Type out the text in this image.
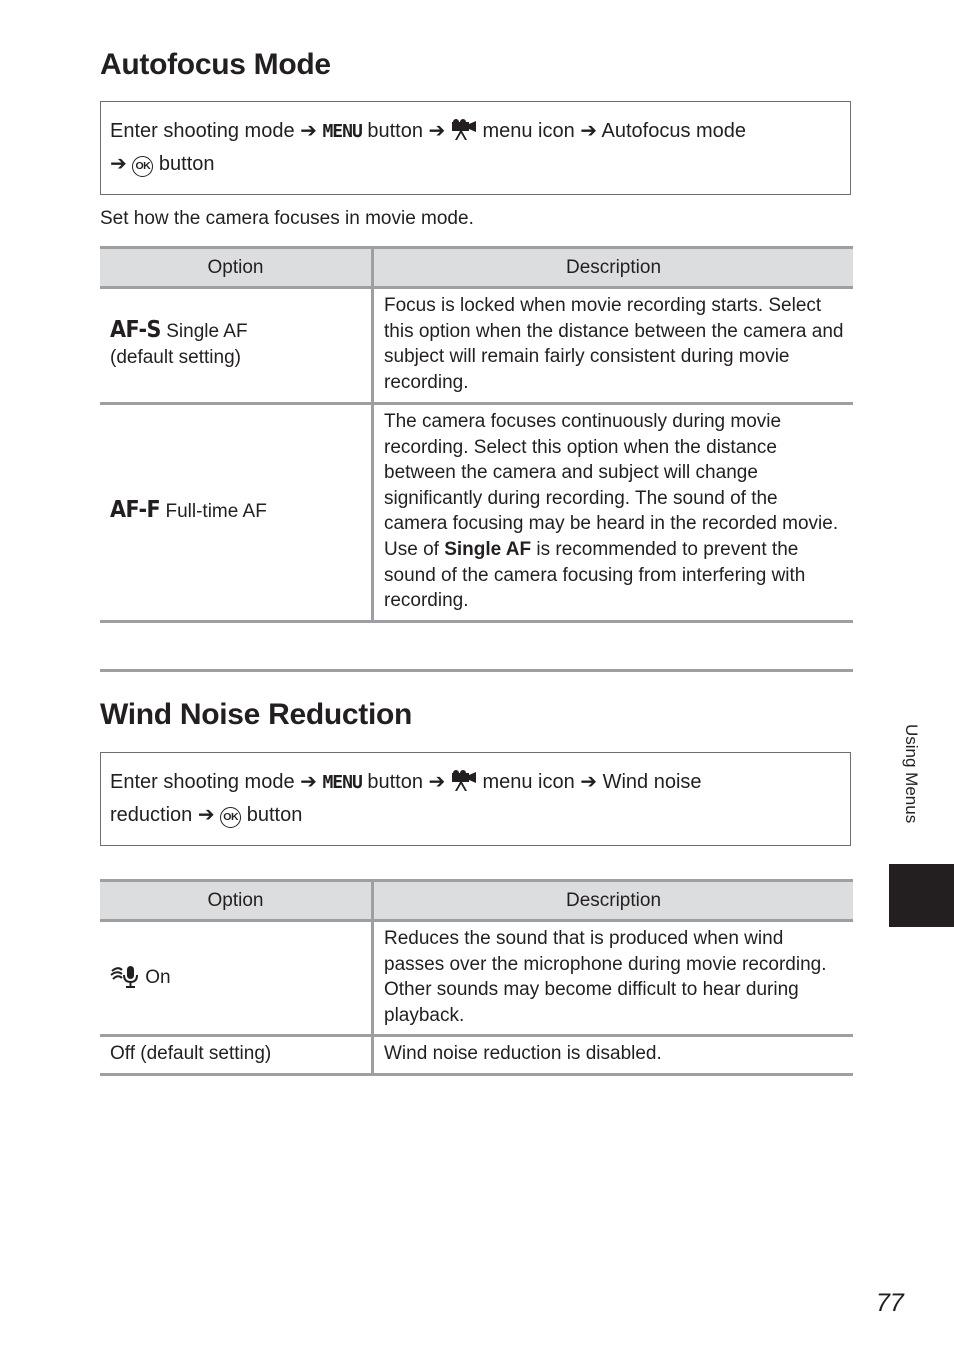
Autofocus Mode
Enter shooting mode ➔ MENU button ➔ menu icon ➔ Autofocus mode
➔ OK button
Set how the camera focuses in movie mode.
Option	Description
AF-S Single AF
(default setting)	Focus is locked when movie recording starts. Select this option when the distance between the camera and subject will remain fairly consistent during movie recording.
AF-F Full-time AF	The camera focuses continuously during movie recording. Select this option when the distance between the camera and subject will change significantly during recording. The sound of the camera focusing may be heard in the recorded movie. Use of Single AF is recommended to prevent the sound of the camera focusing from interfering with recording.
Wind Noise Reduction
Enter shooting mode ➔ MENU button ➔ menu icon ➔ Wind noise
reduction ➔ OK button
Option	Description
On	Reduces the sound that is produced when wind passes over the microphone during movie recording. Other sounds may become difficult to hear during playback.
Off (default setting)	Wind noise reduction is disabled.
Using Menus
77
